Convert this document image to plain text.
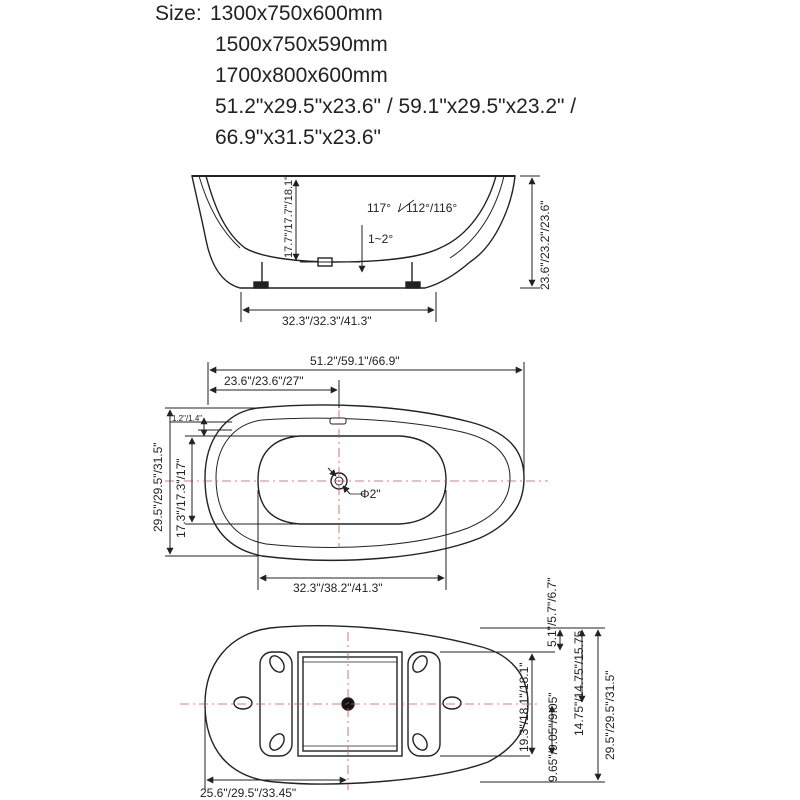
Size: 1300x750x600mm
1500x750x590mm
1700x800x600mm
51.2"x29.5"x23.6" / 59.1"x29.5"x23.2" /
66.9"x31.5"x23.6"
17.7"/17.7"/18.1"	117° / 112°/116°
1~2°	23.6"/23.2"/23.6"
32.3"/32.3"/41.3"
51.2"/59.1"/66.9"
23.6"/23.6"/27"
1.2"/1.4"
29.5"/29.5"/31.5" 17.3"/17.3"/17"	Φ2"
32.3"/38.2"/41.3"	5.1"/5.7"/6.7"
19.3"/18.1"/18.1" 9.65"/9.05"/9.05"
14.75"/14.75"/15.75 29.5"/29.5"/31.5"
25.6"/29.5"/33.45"
